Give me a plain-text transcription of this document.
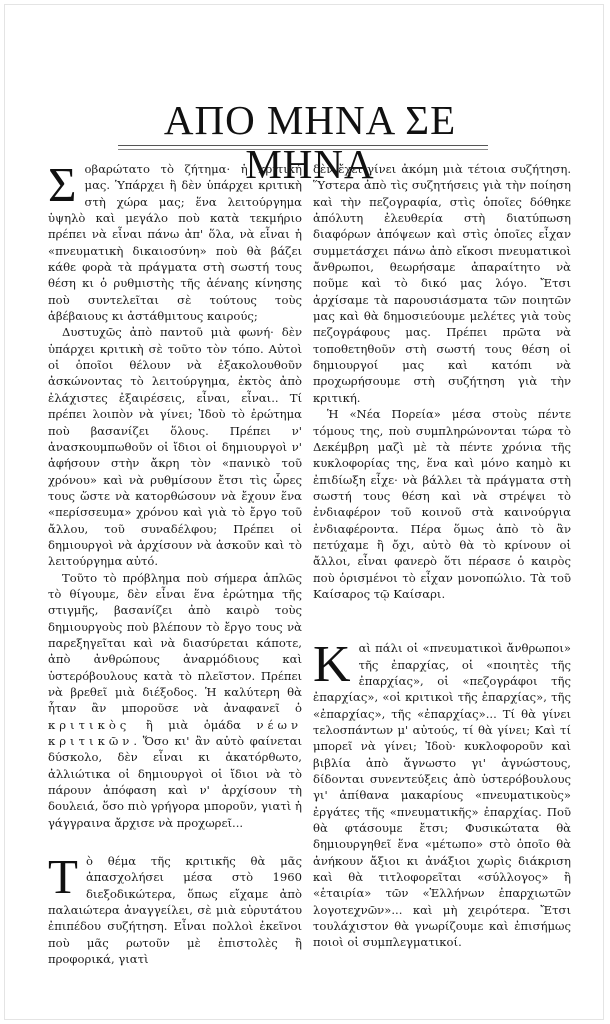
ΑΠΟ ΜΗΝΑ ΣΕ ΜΗΝΑ
Σ οβαρώτατο τὸ ζήτημα· ἡ κριτική μας. Ὑπάρχει ἢ δὲν ὑπάρχει κριτικὴ στὴ χώρα μας; ἕνα λειτούργημα ὑψηλὸ καὶ μεγάλο ποὺ κατὰ τεκμήριο πρέπει νὰ εἶναι πάνω ἀπ' ὅλα, νὰ εἶναι ἡ «πνευματικὴ δικαιοσύνη» ποὺ θὰ βάζει κάθε φορὰ τὰ πράγματα στὴ σωστή τους θέση κι ὁ ρυθμιστὴς τῆς ἀέναης κίνησης ποὺ συντελεῖται σὲ τούτους τοὺς ἀβέβαιους κι ἀστάθμιτους καιρούς;

Δυστυχῶς ἀπὸ παντοῦ μιὰ φωνή· δὲν ὑπάρχει κριτικὴ σὲ τοῦτο τὸν τόπο. Αὐτοὶ οἱ ὁποῖοι θέλουν νὰ ἐξακολουθοῦν ἀσκώνοντας τὸ λειτούργημα, ἐκτὸς ἀπὸ ἐλάχιστες ἐξαιρέσεις, εἶναι, εἶναι.. Τί πρέπει λοιπὸν νὰ γίνει; Ἰδοὺ τὸ ἐρώτημα ποὺ βασανίζει ὅλους. Πρέπει ν' ἀνασκουμπωθοῦν οἱ ἴδιοι οἱ δημιουργοὶ ν' ἀφήσουν στὴν ἄκρη τὸν «πανικὸ τοῦ χρόνου» καὶ νὰ ρυθμίσουν ἔτσι τὶς ὧρες τους ὥστε νὰ κατορθώσουν νὰ ἔχουν ἕνα «περίσσευμα» χρόνου καὶ γιὰ τὸ ἔργο τοῦ ἄλλου, τοῦ συναδέλφου; Πρέπει οἱ δημιουργοὶ νὰ ἀρχίσουν νὰ ἀσκοῦν καὶ τὸ λειτούργημα αὐτό.

Τοῦτο τὸ πρόβλημα ποὺ σήμερα ἁπλῶς τὸ θίγουμε, δὲν εἶναι ἕνα ἐρώτημα τῆς στιγμῆς, βασανίζει ἀπὸ καιρὸ τοὺς δημιουργοὺς ποὺ βλέπουν τὸ ἔργο τους νὰ παρεξηγεῖται καὶ νὰ διασύρεται κάποτε, ἀπὸ ἀνθρώπους ἀναρμόδιους καὶ ὑστερόβουλους κατὰ τὸ πλεῖστον. Πρέπει νὰ βρεθεῖ μιὰ διέξοδος. Ἡ καλύτερη θὰ ἦταν ἂν μποροῦσε νὰ ἀναφανεῖ ὁ κριτικὸς ἢ μιὰ ὁμάδα νέων κριτικῶν. Ὅσο κι' ἂν αὐτὸ φαίνεται δύσκολο, δὲν εἶναι κι ἀκατόρθωτο, ἀλλιώτικα οἱ δημιουργοὶ οἱ ἴδιοι νὰ τὸ πάρουν ἀπόφαση καὶ ν' ἀρχίσουν τὴ δουλειά, ὅσο πιὸ γρήγορα μποροῦν, γιατὶ ἡ γάγγραινα ἄρχισε νὰ προχωρεῖ...

Τ ὸ θέμα τῆς κριτικῆς θὰ μᾶς ἀπασχολήσει μέσα στὸ 1960 διεξοδικώτερα, ὅπως εἴχαμε ἀπὸ παλαιώτερα ἀναγγείλει, σὲ μιὰ εὐρυτάτου ἐπιπέδου συζήτηση. Εἶναι πολλοὶ ἐκεῖνοι ποὺ μᾶς ρωτοῦν μὲ ἐπιστολὲς ἢ προφορικά, γιατὶ

δὲν ἔχει γίνει ἀκόμη μιὰ τέτοια συζήτηση. Ὕστερα ἀπὸ τὶς συζητήσεις γιὰ τὴν ποίηση καὶ τὴν πεζογραφία, στὶς ὁποῖες δόθηκε ἀπόλυτη ἐλευθερία στὴ διατύπωση διαφόρων ἀπόψεων καὶ στὶς ὁποῖες εἶχαν συμμετάσχει πάνω ἀπὸ εἴκοσι πνευματικοὶ ἄνθρωποι, θεωρήσαμε ἀπαραίτητο νὰ ποῦμε καὶ τὸ δικό μας λόγο. Ἔτσι ἀρχίσαμε τὰ παρουσιάσματα τῶν ποιητῶν μας καὶ θὰ δημοσιεύουμε μελέτες γιὰ τοὺς πεζογράφους μας. Πρέπει πρῶτα νὰ τοποθετηθοῦν στὴ σωστή τους θέση οἱ δημιουργοί μας καὶ κατόπι νὰ προχωρήσουμε στὴ συζήτηση γιὰ τὴν κριτική.

Ἡ «Νέα Πορεία» μέσα στοὺς πέντε τόμους της, ποὺ συμπληρώνονται τώρα τὸ Δεκέμβρη μαζὶ μὲ τὰ πέντε χρόνια τῆς κυκλοφορίας της, ἕνα καὶ μόνο καημὸ κι ἐπιδίωξη εἶχε· νὰ βάλλει τὰ πράγματα στὴ σωστή τους θέση καὶ νὰ στρέψει τὸ ἐνδιαφέρον τοῦ κοινοῦ στὰ καινούργια ἐνδιαφέροντα. Πέρα ὅμως ἀπὸ τὸ ἂν πετύχαμε ἢ ὄχι, αὐτὸ θὰ τὸ κρίνουν οἱ ἄλλοι, εἶναι φανερὸ ὅτι πέρασε ὁ καιρὸς ποὺ ὁρισμένοι τὸ εἶχαν μονοπώλιο. Τὰ τοῦ Καίσαρος τῷ Καίσαρι.

Κ αὶ πάλι οἱ «πνευματικοὶ ἄνθρωποι» τῆς ἐπαρχίας, οἱ «ποιητὲς τῆς ἐπαρχίας», οἱ «πεζογράφοι τῆς ἐπαρχίας», «οἱ κριτικοὶ τῆς ἐπαρχίας», τῆς «ἐπαρχίας», τῆς «ἐπαρχίας»... Τί θὰ γίνει τελοσπάντων μ' αὐτούς, τί θὰ γίνει; Καὶ τί μπορεῖ νὰ γίνει; Ἰδοὺ· κυκλοφοροῦν καὶ βιβλία ἀπὸ ἄγνωστο γι' ἀγνώστους, δίδονται συνεντεύξεις ἀπὸ ὑστερόβουλους γι' ἀπίθανα μακαρίους «πνευματικοὺς» ἐργάτες τῆς «πνευματικῆς» ἐπαρχίας. Ποῦ θὰ φτάσουμε ἔτσι; Φυσικώτατα θὰ δημιουργηθεῖ ἕνα «μέτωπο» στὸ ὁποῖο θὰ ἀνήκουν ἄξιοι κι ἀνάξιοι χωρὶς διάκριση καὶ θὰ τιτλοφορεῖται «σύλλογος» ἢ «ἑταιρία» τῶν «Ἑλλήνων ἐπαρχιωτῶν λογοτεχνῶν»... καὶ μὴ χειρότερα. Ἔτσι τουλάχιστον θὰ γνωρίζουμε καὶ ἐπισήμως ποιοὶ οἱ συμπλεγματικοί.
